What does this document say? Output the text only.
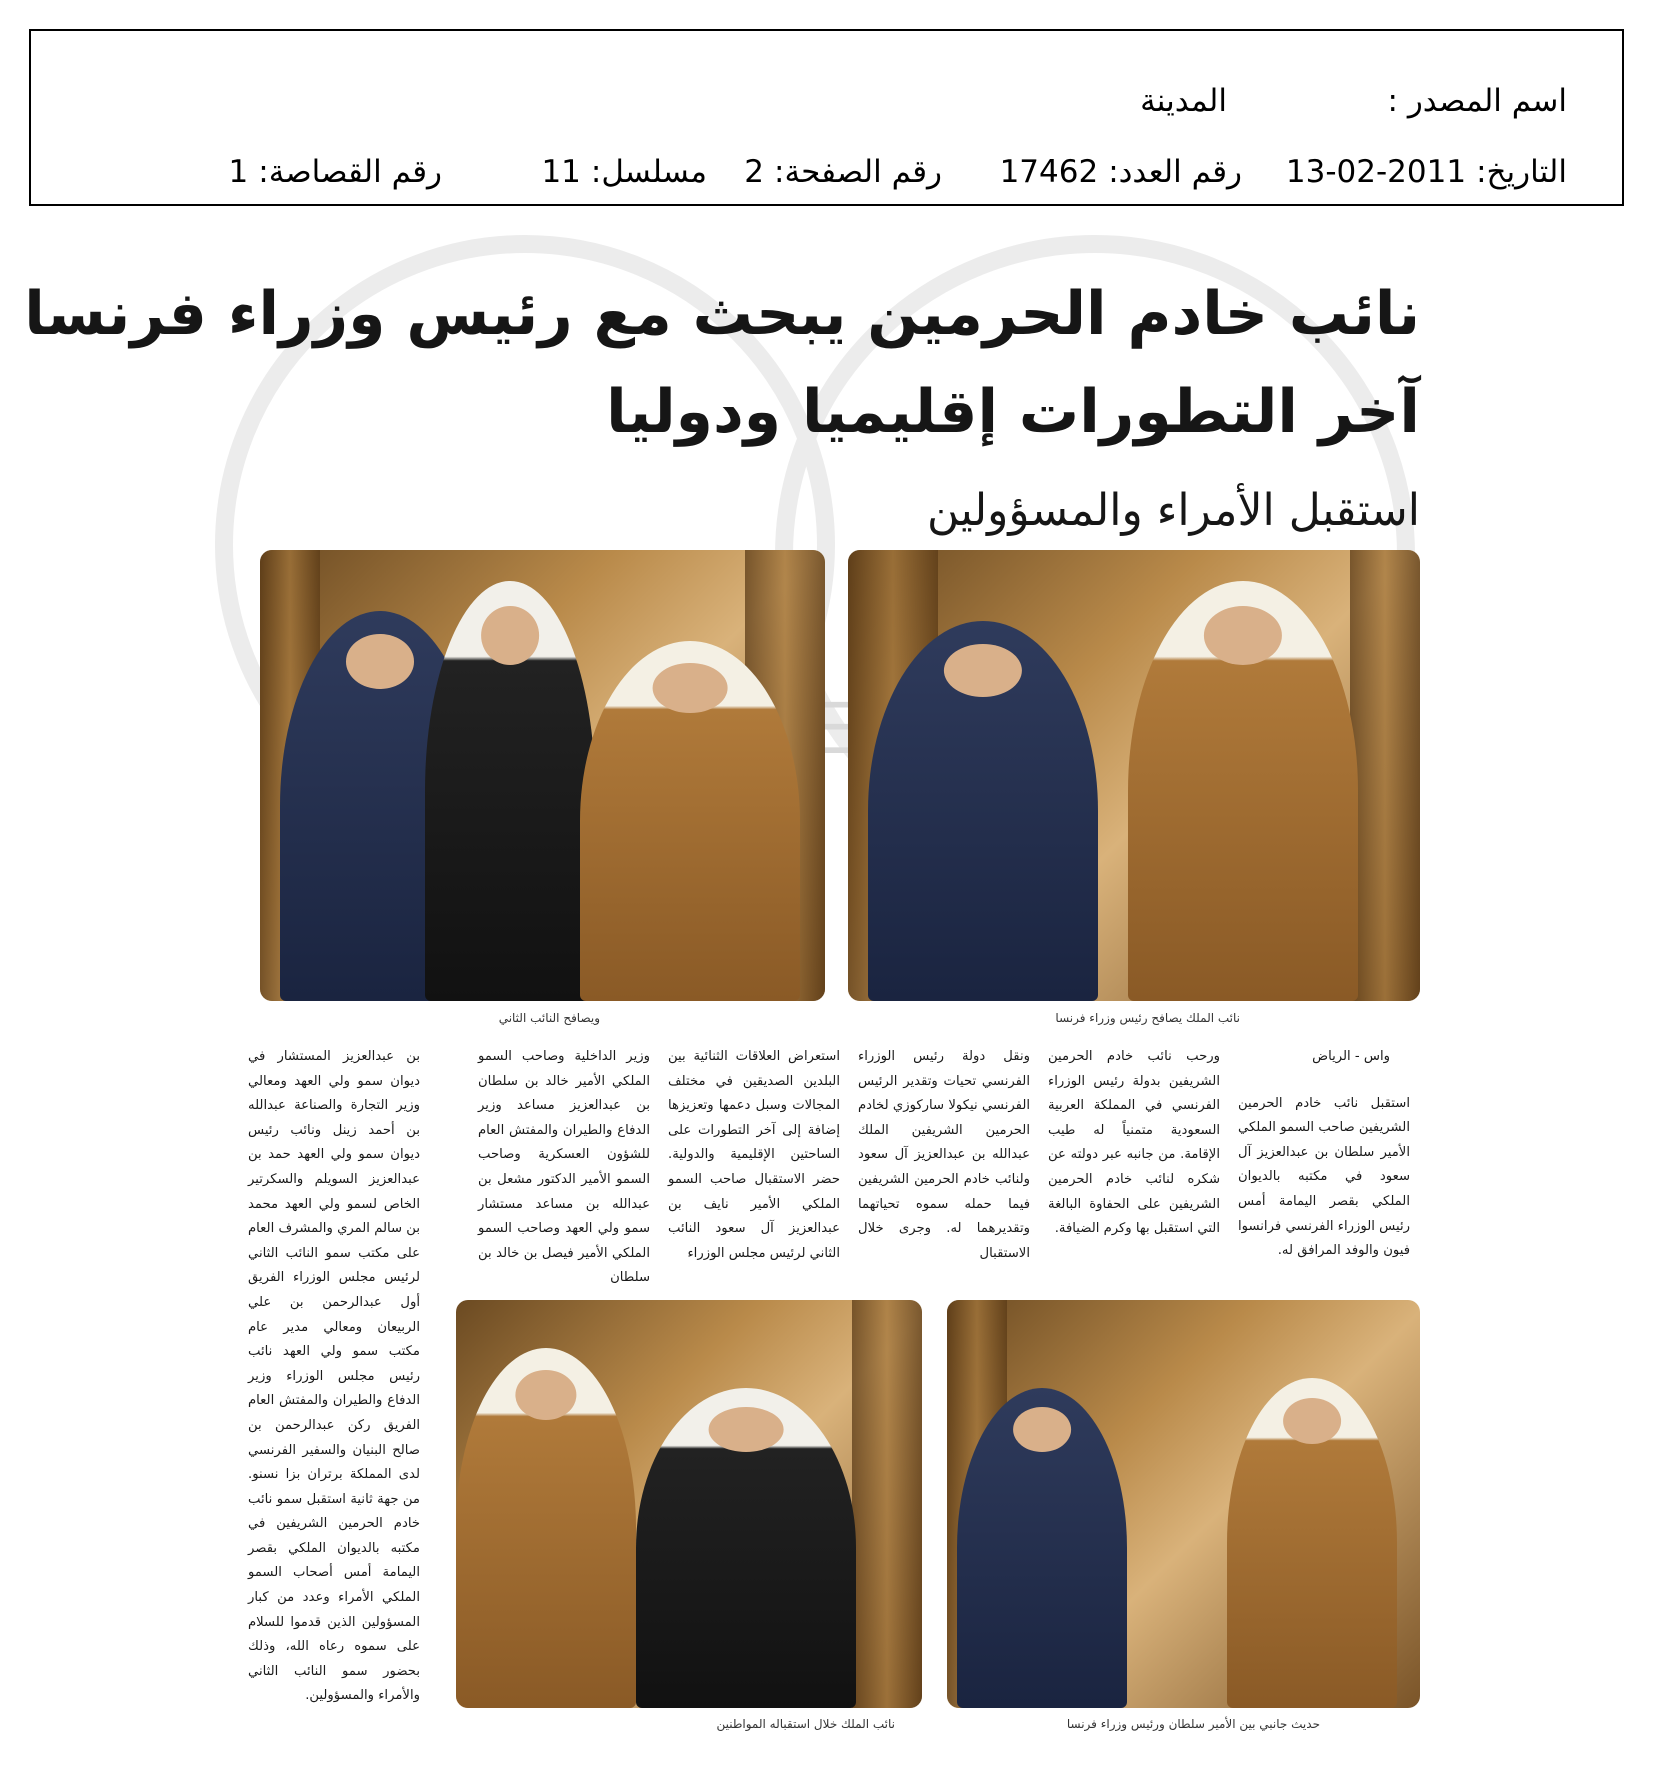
اسم المصدر :
المدينة
التاريخ:2011-02-13
رقم العدد:17462
رقم الصفحة:2
مسلسل:11
رقم القصاصة:1
نائب خادم الحرمين يبحث مع رئيس وزراء فرنسا
آخر التطورات إقليميا ودوليا
استقبل الأمراء والمسؤولين
نائب الملك يصافح رئيس وزراء فرنسا
ويصافح النائب الثاني
واس - الرياض

استقبل نائب خادم الحرمين الشريفين صاحب السمو الملكي الأمير سلطان بن عبدالعزيز آل سعود في مكتبه بالديوان الملكي بقصر اليمامة أمس رئيس الوزراء الفرنسي فرانسوا فيون والوفد المرافق له.

ورحب نائب خادم الحرمين الشريفين بدولة رئيس الوزراء الفرنسي في المملكة العربية السعودية متمنياً له طيب الإقامة. من جانبه عبر دولته عن شكره لنائب خادم الحرمين الشريفين على الحفاوة البالغة التي استقبل بها وكرم الضيافة.

ونقل دولة رئيس الوزراء الفرنسي تحيات وتقدير الرئيس الفرنسي نيكولا ساركوزي لخادم الحرمين الشريفين الملك عبدالله بن عبدالعزيز آل سعود ولنائب خادم الحرمين الشريفين فيما حمله سموه تحياتهما وتقديرهما له. وجرى خلال الاستقبال

استعراض العلاقات الثنائية بين البلدين الصديقين في مختلف المجالات وسبل دعمها وتعزيزها إضافة إلى آخر التطورات على الساحتين الإقليمية والدولية. حضر الاستقبال صاحب السمو الملكي الأمير نايف بن عبدالعزيز آل سعود النائب الثاني لرئيس مجلس الوزراء

وزير الداخلية وصاحب السمو الملكي الأمير خالد بن سلطان بن عبدالعزيز مساعد وزير الدفاع والطيران والمفتش العام للشؤون العسكرية وصاحب السمو الأمير الدكتور مشعل بن عبدالله بن مساعد مستشار سمو ولي العهد وصاحب السمو الملكي الأمير فيصل بن خالد بن سلطان

بن عبدالعزيز المستشار في ديوان سمو ولي العهد ومعالي وزير التجارة والصناعة عبدالله بن أحمد زينل ونائب رئيس ديوان سمو ولي العهد حمد بن عبدالعزيز السويلم والسكرتير الخاص لسمو ولي العهد محمد بن سالم المري والمشرف العام على مكتب سمو النائب الثاني لرئيس مجلس الوزراء الفريق أول عبدالرحمن بن علي الربيعان ومعالي مدير عام مكتب سمو ولي العهد نائب رئيس مجلس الوزراء وزير الدفاع والطيران والمفتش العام الفريق ركن عبدالرحمن بن صالح البنيان والسفير الفرنسي لدى المملكة برتران بزا نسنو. من جهة ثانية استقبل سمو نائب خادم الحرمين الشريفين في مكتبه بالديوان الملكي بقصر اليمامة أمس أصحاب السمو الملكي الأمراء وعدد من كبار المسؤولين الذين قدموا للسلام على سموه رعاه الله، وذلك بحضور سمو النائب الثاني والأمراء والمسؤولين.

حديث جانبي بين الأمير سلطان ورئيس وزراء فرنسا
نائب الملك خلال استقباله المواطنين
